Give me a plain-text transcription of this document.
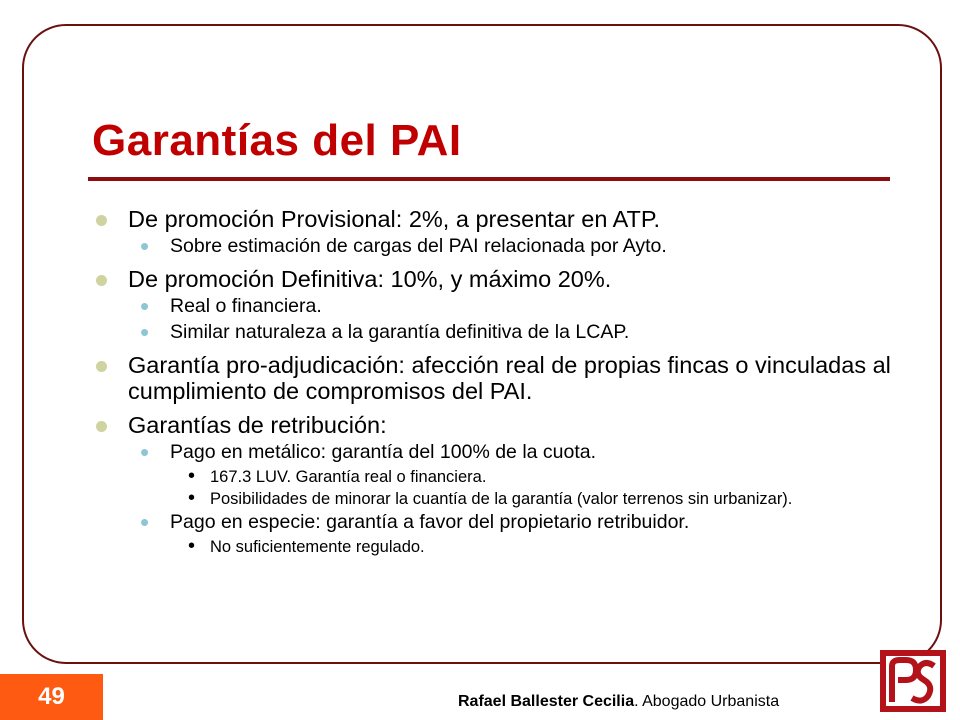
Garantías del PAI
De promoción Provisional: 2%, a presentar en ATP.
• Sobre estimación de cargas del PAI relacionada por Ayto.
De promoción Definitiva: 10%, y máximo 20%.
• Real o financiera.
• Similar naturaleza a la garantía definitiva de la LCAP.
Garantía pro-adjudicación: afección real de propias fincas o vinculadas al cumplimiento de compromisos del PAI.
Garantías de retribución:
• Pago en metálico: garantía del 100% de la cuota.
• 167.3 LUV. Garantía real o financiera.
• Posibilidades de minorar la cuantía de la garantía (valor terrenos sin urbanizar).
• Pago en especie: garantía a favor del propietario retribuidor.
• No suficientemente regulado.
49	Rafael Ballester Cecilia. Abogado Urbanista
